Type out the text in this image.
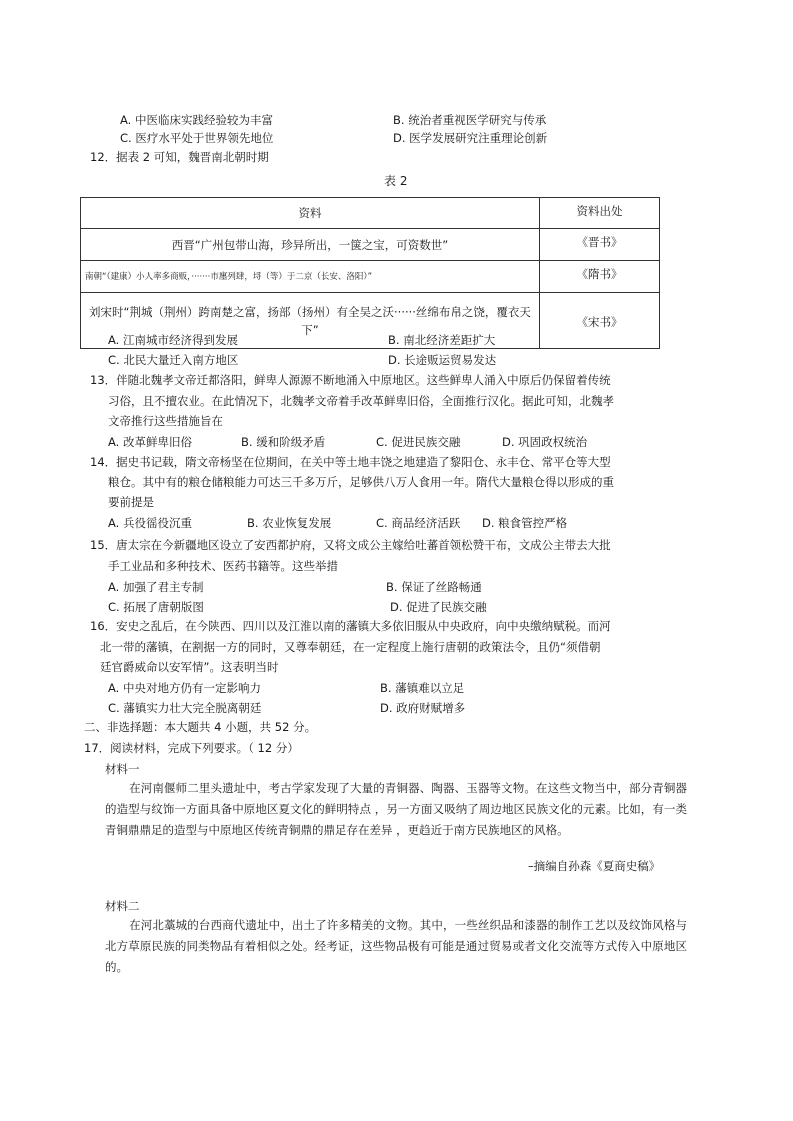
A. 中医临床实践经验较为丰富	B. 统治者重视医学研究与传承
C. 医疗水平处于世界领先地位	D. 医学发展研究注重理论创新
12．据表 2 可知，魏晋南北朝时期
表 2
资料	资料出处
西晋“广州包带山海，珍异所出，一箧之宝，可资数世”	《晋书》
南朝“（建康）小人率多商贩，·······市廛列肆，埒（等）于二京（长安、洛阳）”	《隋书》
刘宋时“荆城（荆州）跨南楚之富，扬部（扬州）有全吴之沃······丝绵布帛之饶，覆衣天下”	《宋书》
A. 江南城市经济得到发展	B. 南北经济差距扩大
C. 北民大量迁入南方地区	D. 长途贩运贸易发达
13．伴随北魏孝文帝迁都洛阳，鲜卑人源源不断地涌入中原地区。这些鲜卑人涌入中原后仍保留着传统
习俗，且不擅农业。在此情况下，北魏孝文帝着手改革鲜卑旧俗，全面推行汉化。据此可知，北魏孝
文帝推行这些措施旨在
A. 改革鲜卑旧俗	B. 缓和阶级矛盾	C. 促进民族交融	D. 巩固政权统治
14．据史书记载，隋文帝杨坚在位期间，在关中等土地丰饶之地建造了黎阳仓、永丰仓、常平仓等大型
粮仓。其中有的粮仓储粮能力可达三千多万斤，足够供八万人食用一年。隋代大量粮仓得以形成的重
要前提是
A. 兵役徭役沉重	B. 农业恢复发展	C. 商品经济活跃 D. 粮食管控严格
15．唐太宗在今新疆地区设立了安西都护府，又将文成公主嫁给吐蕃首领松赞干布，文成公主带去大批
手工业品和多种技术、医药书籍等。这些举措
A. 加强了君主专制	B. 保证了丝路畅通
C. 拓展了唐朝版图	D. 促进了民族交融
16．安史之乱后，在今陕西、四川以及江淮以南的藩镇大多依旧服从中央政府，向中央缴纳赋税。而河
北一带的藩镇，在割据一方的同时，又尊奉朝廷，在一定程度上施行唐朝的政策法令，且仍“须借朝
廷官爵威命以安军情”。这表明当时
A. 中央对地方仍有一定影响力	B. 藩镇难以立足
C. 藩镇实力壮大完全脱离朝廷	D. 政府财赋增多
二、非选择题：本大题共 4 小题，共 52 分。
17．阅读材料，完成下列要求。（ 12 分）
材料一
在河南偃师二里头遗址中，考古学家发现了大量的青铜器、陶器、玉器等文物。在这些文物当中，部分青铜器的造型与纹饰一方面具备中原地区夏文化的鲜明特点 ，另一方面又吸纳了周边地区民族文化的元素。比如，有一类青铜鼎鼎足的造型与中原地区传统青铜鼎的鼎足存在差异 ，更趋近于南方民族地区的风格。
–摘编自孙森《夏商史稿》
材料二
在河北藁城的台西商代遗址中，出土了许多精美的文物。其中，一些丝织品和漆器的制作工艺以及纹饰风格与北方草原民族的同类物品有着相似之处。经考证，这些物品极有可能是通过贸易或者文化交流等方式传入中原地区的。
